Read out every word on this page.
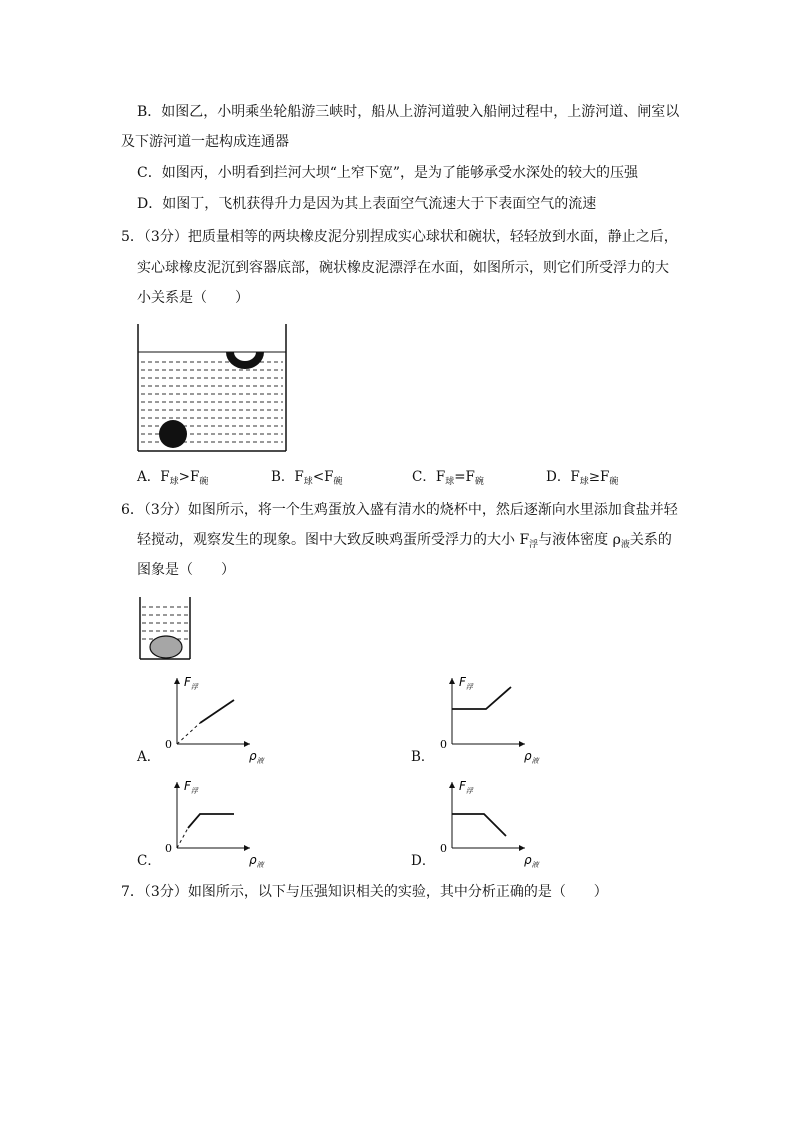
B．如图乙，小明乘坐轮船游三峡时，船从上游河道驶入船闸过程中，上游河道、闸室以
及下游河道一起构成连通器
C．如图丙，小明看到拦河大坝“上窄下宽”，是为了能够承受水深处的较大的压强
D．如图丁，飞机获得升力是因为其上表面空气流速大于下表面空气的流速
5．（3分）把质量相等的两块橡皮泥分别捏成实心球状和碗状，轻轻放到水面，静止之后，
实心球橡皮泥沉到容器底部，碗状橡皮泥漂浮在水面，如图所示，则它们所受浮力的大
小关系是（　　）
A．$F_球>F_碗$	B．$F_球<F_碗$	C．$F_球=F_碗$	D．$F_球\ge F_碗$
6．（3分）如图所示，将一个生鸡蛋放入盛有清水的烧杯中，然后逐渐向水里添加食盐并轻
轻搅动，观察发生的现象。图中大致反映鸡蛋所受浮力的大小 $F_浮$与液体密度 $\rho_液$关系的
图象是（　　）
$F_浮$
$\rho_液$
0
A．
$F_浮$
$\rho_液$
0
B．
$F_浮$
$\rho_液$
0
C．
$F_浮$
$\rho_液$
0
D．
7．（3分）如图所示，以下与压强知识相关的实验，其中分析正确的是（　　）
